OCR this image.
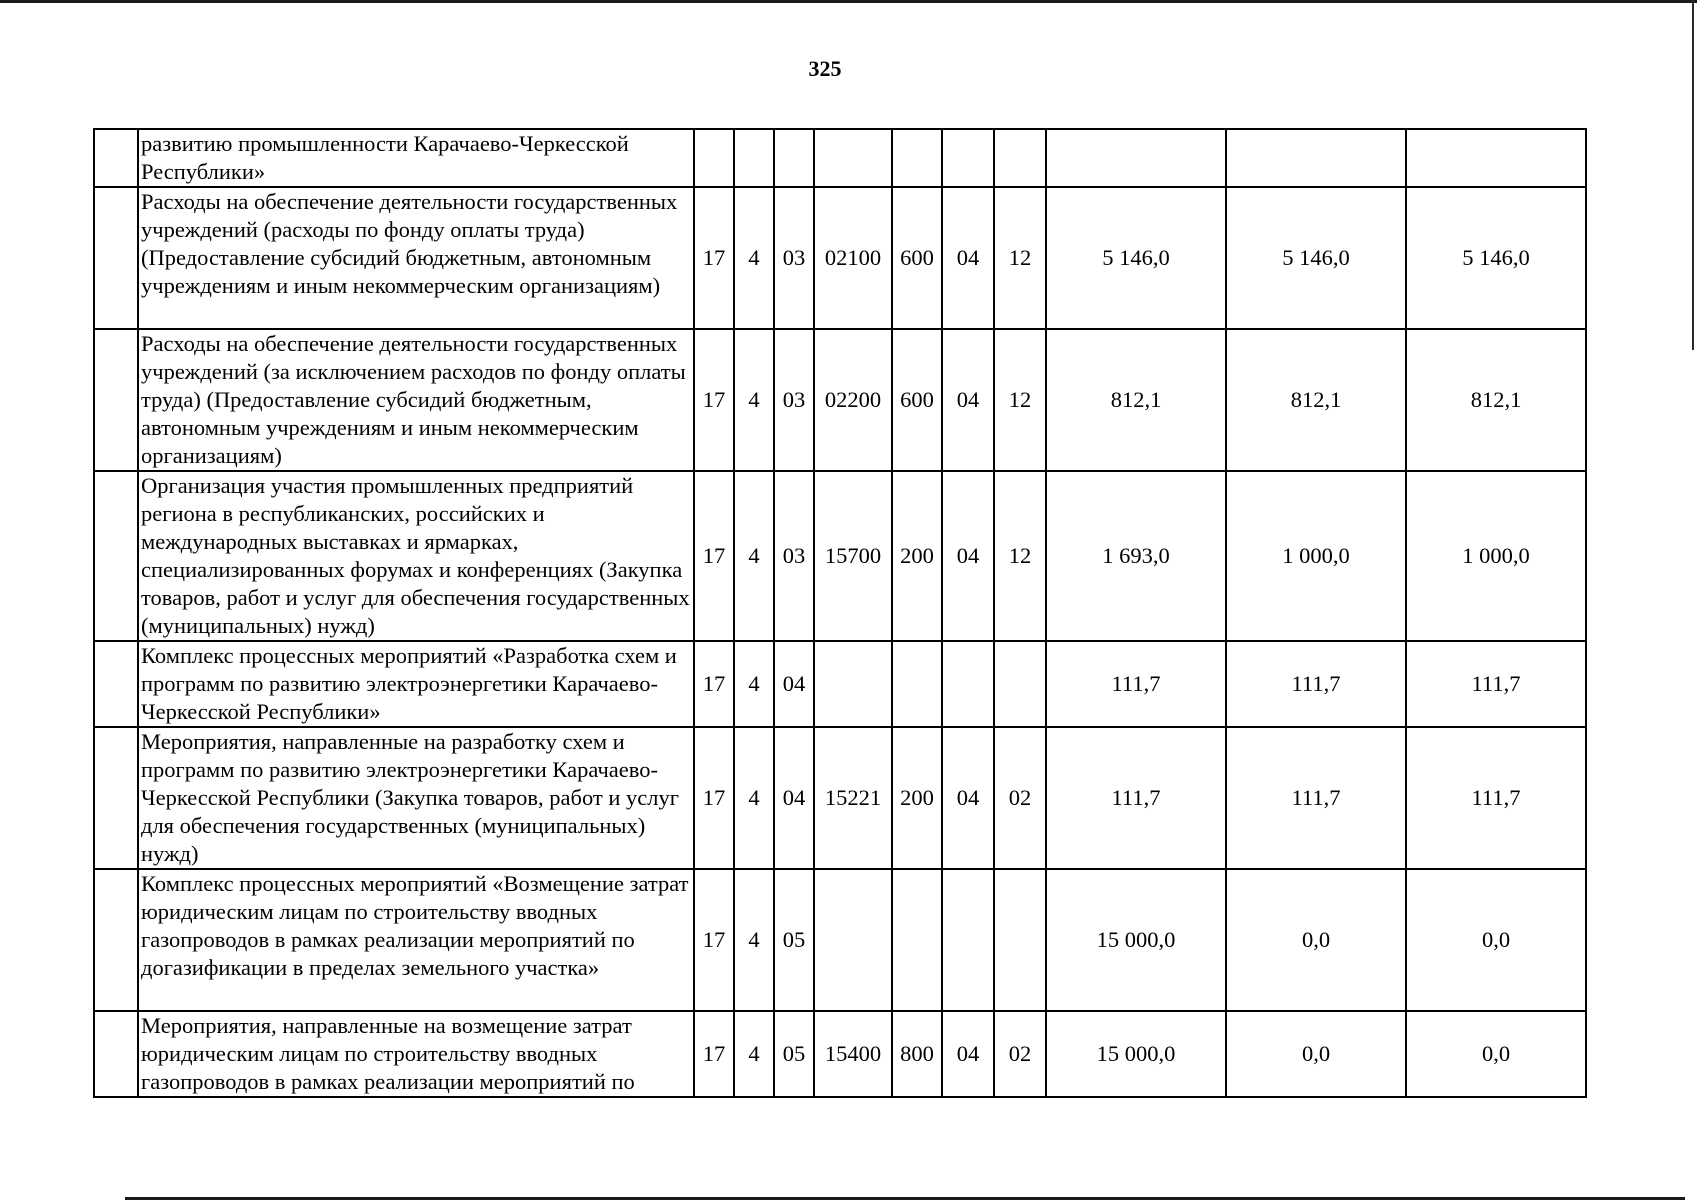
325
	развитию промышленности Карачаево-Черкесской Республики»										
	Расходы на обеспечение деятельности государственных учреждений (расходы по фонду оплаты труда) (Предоставление субсидий бюджетным, автономным учреждениям и иным некоммерческим организациям)	17	4	03	02100	600	04	12	5 146,0	5 146,0	5 146,0
	Расходы на обеспечение деятельности государственных учреждений (за исключением расходов по фонду оплаты труда) (Предоставление субсидий бюджетным, автономным учреждениям и иным некоммерческим организациям)	17	4	03	02200	600	04	12	812,1	812,1	812,1
	Организация участия промышленных предприятий региона в республиканских, российских и международных выставках и ярмарках, специализированных форумах и конференциях (Закупка товаров, работ и услуг для обеспечения государственных (муниципальных) нужд)	17	4	03	15700	200	04	12	1 693,0	1 000,0	1 000,0
	Комплекс процессных мероприятий «Разработка схем и программ по развитию электроэнергетики Карачаево-Черкесской Республики»	17	4	04					111,7	111,7	111,7
	Мероприятия, направленные на разработку схем и программ по развитию электроэнергетики Карачаево-Черкесской Республики (Закупка товаров, работ и услуг для обеспечения государственных (муниципальных) нужд)	17	4	04	15221	200	04	02	111,7	111,7	111,7
	Комплекс процессных мероприятий «Возмещение затрат юридическим лицам по строительству вводных газопроводов в рамках реализации мероприятий по догазификации в пределах земельного участка»	17	4	05					15 000,0	0,0	0,0
	Мероприятия, направленные на возмещение затрат юридическим лицам по строительству вводных газопроводов в рамках реализации мероприятий по	17	4	05	15400	800	04	02	15 000,0	0,0	0,0
